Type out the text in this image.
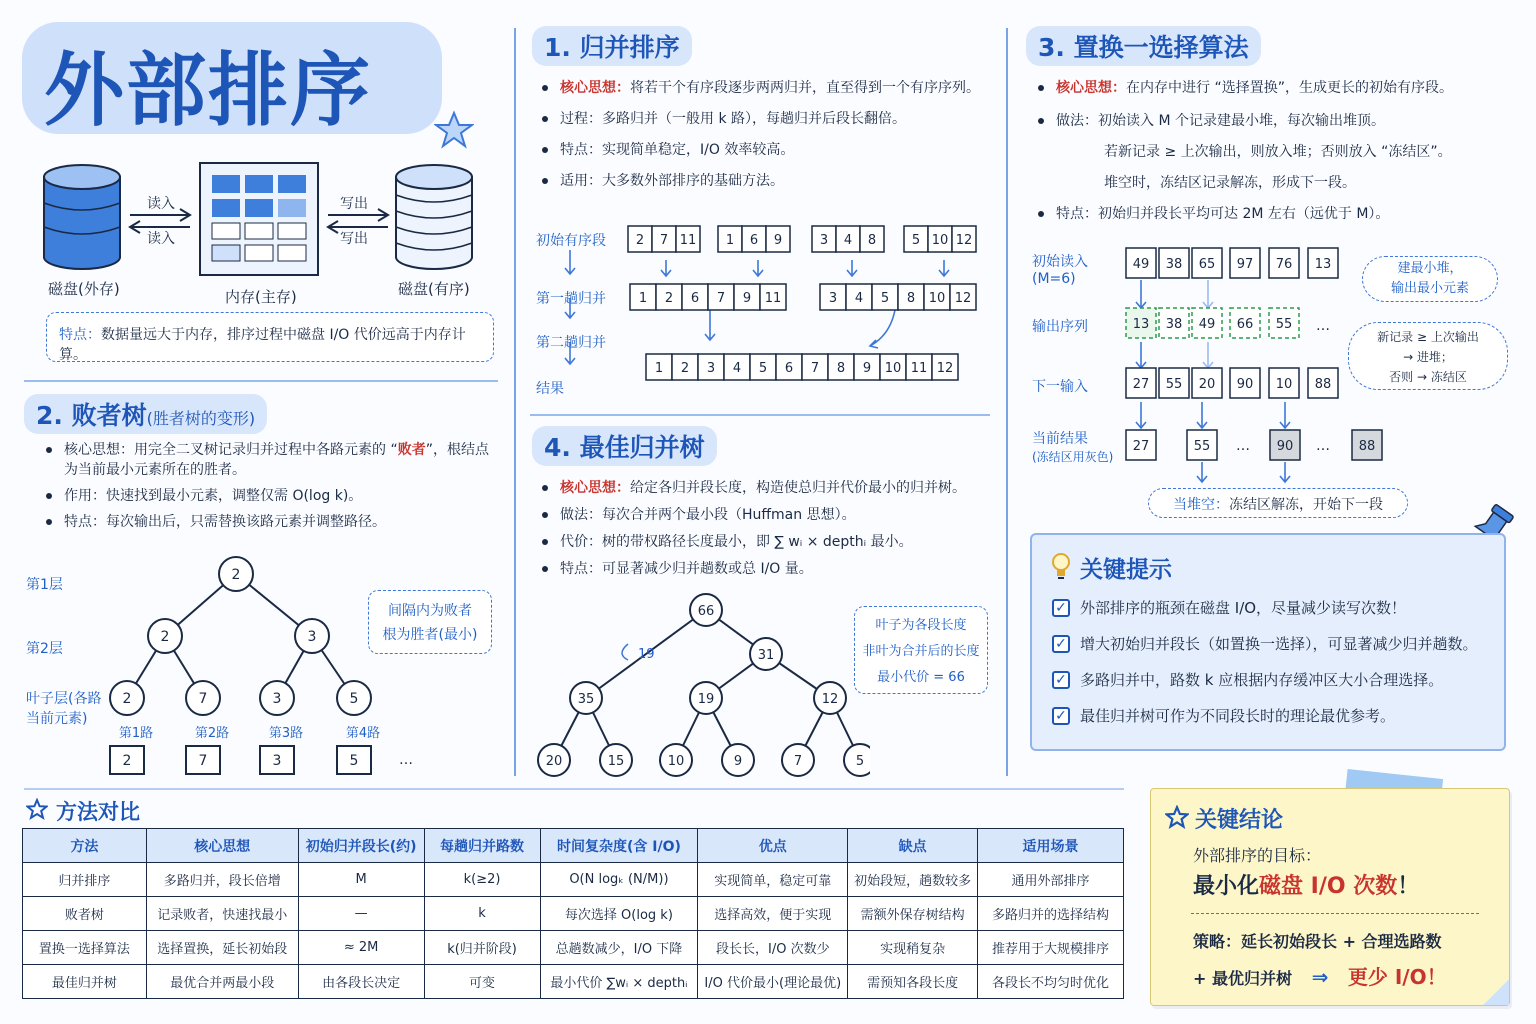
外部排序
读入
读入
写出
写出
磁盘(外存)	内存(主存)	磁盘(有序)
特点：数据量远大于内存，排序过程中磁盘 I/O 代价远高于内存计算。
2. 败者树(胜者树的变形)
核心思想：用完全二叉树记录归并过程中各路元素的 “败者”，根结点为当前最小元素所在的胜者。
作用：快速找到最小元素，调整仅需 O(log k)。
特点：每次输出后，只需替换该路元素并调整路径。
第1层
第2层
叶子层(各路
当前元素)
2
2	3
2	7	3	5
2	7	3	5	…
第1路	第2路	第3路	第4路
间隔内为败者
根为胜者(最小)
1. 归并排序
核心思想：将若干个有序段逐步两两归并，直至得到一个有序序列。
过程：多路归并（一般用 k 路），每趟归并后段长翻倍。
特点：实现简单稳定，I/O 效率较高。
适用：大多数外部排序的基础方法。
初始有序段
第一趟归并
第二趟归并
结果
2 7 11 1 6 9	3 4 8	5 10 12
1 2 6 7 9 11	3 4 5 8 10 12
1 2 3 4 5 6 7 8 9 10 11 12
4. 最佳归并树
核心思想：给定各归并段长度，构造使总归并代价最小的归并树。
做法：每次合并两个最小段（Huffman 思想）。
代价：树的带权路径长度最小，即 ∑ wᵢ × depthᵢ 最小。
特点：可显著减少归并趟数或总 I/O 量。
66
31
35	19	12
20	15	10	9	7	5
19
叶子为各段长度
非叶为合并后的长度
最小代价 = 66
3. 置换一选择算法
核心思想：在内存中进行 “选择置换”，生成更长的初始有序段。
做法：初始读入 M 个记录建最小堆，每次输出堆顶。
若新记录 ≥ 上次输出，则放入堆；否则放入 “冻结区”。
堆空时，冻结区记录解冻，形成下一段。
特点：初始归并段长平均可达 2M 左右（远优于 M）。
初始读入
(M=6)
输出序列
下一输入
当前结果
(冻结区用灰色)
49 38 65 97 76 13
13 38 49 66 55
27 55 20 90 10 88
27	55	90	88
…
…	…
建最小堆，
输出最小元素
新记录 ≥ 上次输出
→ 进堆；
否则 → 冻结区
当堆空：冻结区解冻，开始下一段
关键提示
✓ 外部排序的瓶颈在磁盘 I/O，尽量减少读写次数！
✓ 增大初始归并段长（如置换一选择），可显著减少归并趟数。
✓ 多路归并中，路数 k 应根据内存缓冲区大小合理选择。
✓ 最佳归并树可作为不同段长时的理论最优参考。
方法对比
方法	核心思想	初始归并段长(约)	每趟归并路数	时间复杂度(含 I/O)	优点	缺点	适用场景
归并排序	多路归并，段长倍增	M	k(≥2)	O(N logₖ (N/M))	实现简单，稳定可靠	初始段短，趟数较多	通用外部排序
败者树	记录败者，快速找最小	—	k	每次选择 O(log k)	选择高效，便于实现	需额外保存树结构	多路归并的选择结构
置换一选择算法	选择置换，延长初始段	≈ 2M	k(归并阶段)	总趟数减少，I/O 下降	段长长，I/O 次数少	实现稍复杂	推荐用于大规模排序
最佳归并树	最优合并两最小段	由各段长决定	可变	最小代价 ∑wᵢ × depthᵢ	I/O 代价最小(理论最优)	需预知各段长度	各段长不均匀时优化
关键结论
外部排序的目标：
最小化磁盘 I/O 次数！
策略：延长初始段长 + 合理选路数
+ 最优归并树 ⇒ 更少 I/O！
